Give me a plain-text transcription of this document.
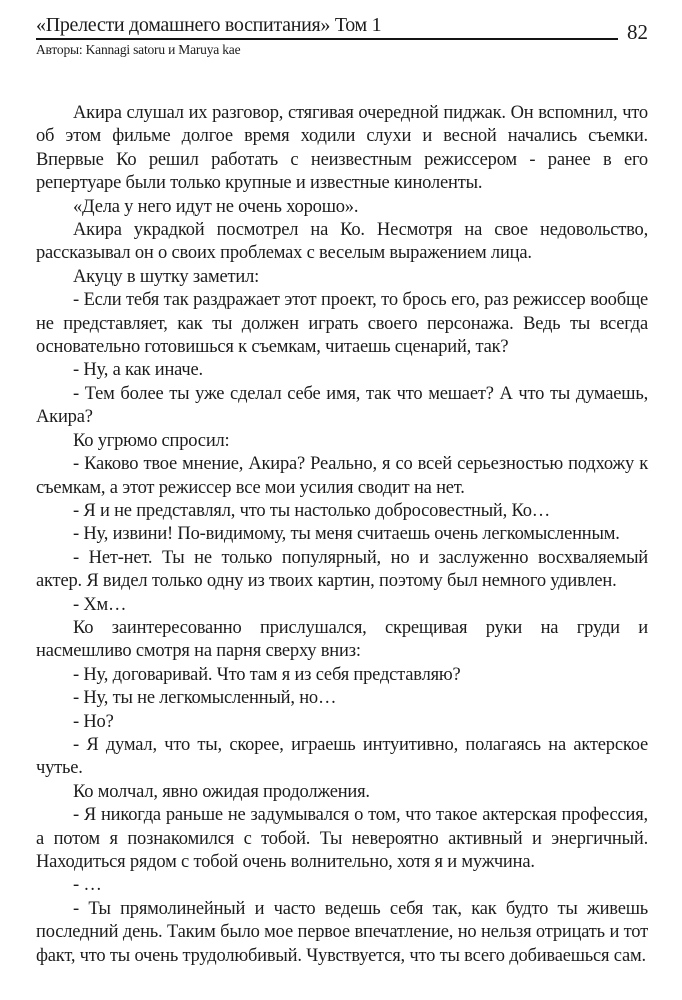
«Прелести домашнего воспитания» Том 1	82
Авторы: Kannagi satoru и Maruya kae

Акира слушал их разговор, стягивая очередной пиджак. Он вспомнил, что об этом фильме долгое время ходили слухи и весной начались съемки. Впервые Ко решил работать с неизвестным режиссером - ранее в его репертуаре были только крупные и известные киноленты.

«Дела у него идут не очень хорошо».

Акира украдкой посмотрел на Ко. Несмотря на свое недовольство, рассказывал он о своих проблемах с веселым выражением лица.

Акуцу в шутку заметил:

- Если тебя так раздражает этот проект, то брось его, раз режиссер вообще не представляет, как ты должен играть своего персонажа. Ведь ты всегда основательно готовишься к съемкам, читаешь сценарий, так?

- Ну, а как иначе.

- Тем более ты уже сделал себе имя, так что мешает? А что ты думаешь, Акира?

Ко угрюмо спросил:

- Каково твое мнение, Акира? Реально, я со всей серьезностью подхожу к съемкам, а этот режиссер все мои усилия сводит на нет.

- Я и не представлял, что ты настолько добросовестный, Ко…

- Ну, извини! По-видимому, ты меня считаешь очень легкомысленным.

- Нет-нет. Ты не только популярный, но и заслуженно восхваляемый актер. Я видел только одну из твоих картин, поэтому был немного удивлен.

- Хм…

Ко заинтересованно прислушался, скрещивая руки на груди и насмешливо смотря на парня сверху вниз:

- Ну, договаривай. Что там я из себя представляю?

- Ну, ты не легкомысленный, но…

- Но?

- Я думал, что ты, скорее, играешь интуитивно, полагаясь на актерское чутье.

Ко молчал, явно ожидая продолжения.

- Я никогда раньше не задумывался о том, что такое актерская профессия, а потом я познакомился с тобой. Ты невероятно активный и энергичный. Находиться рядом с тобой очень волнительно, хотя я и мужчина.

- …

- Ты прямолинейный и часто ведешь себя так, как будто ты живешь последний день. Таким было мое первое впечатление, но нельзя отрицать и тот факт, что ты очень трудолюбивый. Чувствуется, что ты всего добиваешься сам.
